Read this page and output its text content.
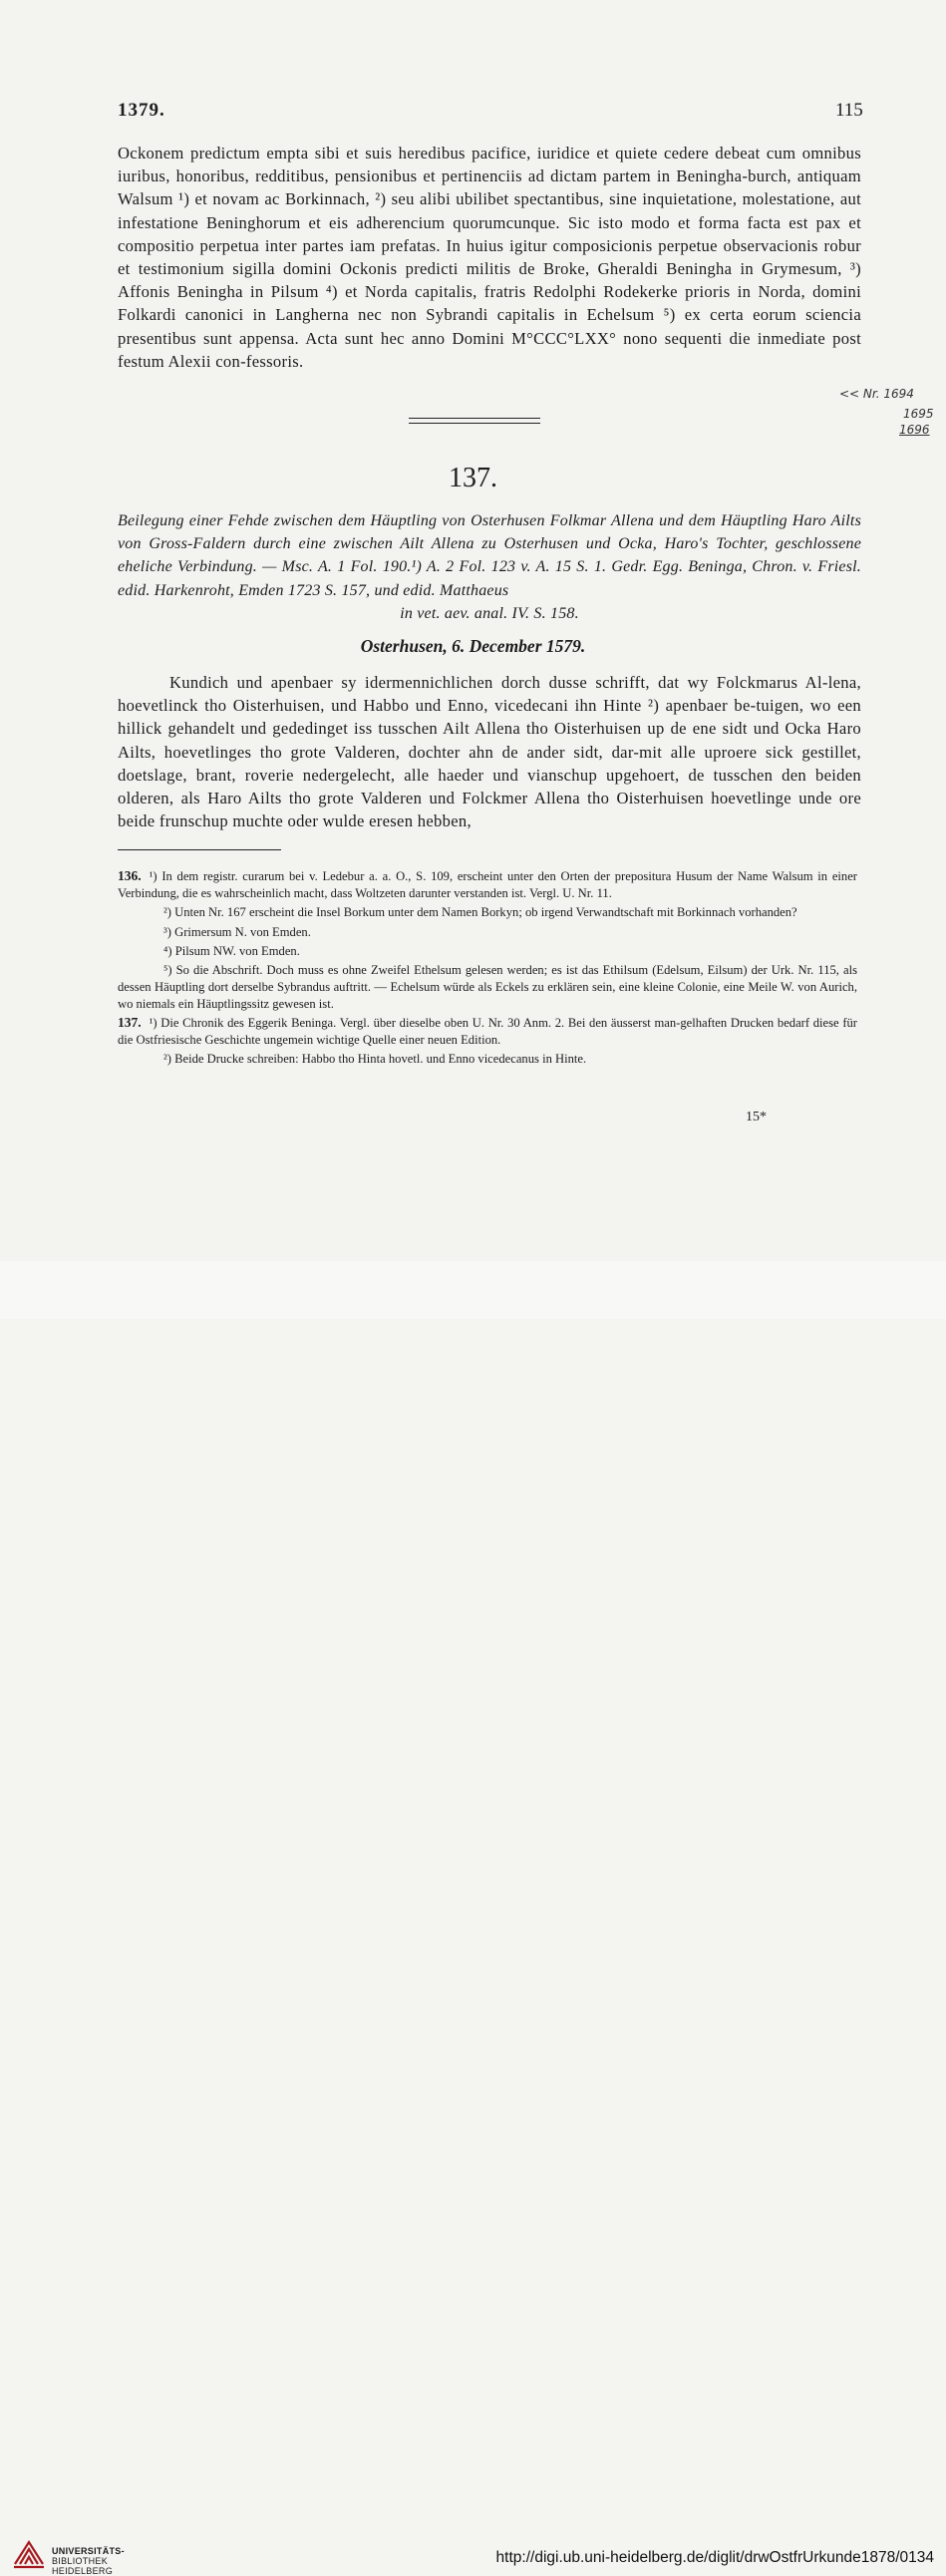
1379.	115

Ockonem predictum empta sibi et suis heredibus pacifice, iuridice et quiete cedere debeat cum omnibus iuribus, honoribus, redditibus, pensionibus et pertinenciis ad dictam partem in Beningha-burch, antiquam Walsum ¹) et novam ac Borkinnach, ²) seu alibi ubilibet spectantibus, sine inquietatione, molestatione, aut infestatione Beninghorum et eis adherencium quorumcunque. Sic isto modo et forma facta est pax et compositio perpetua inter partes iam prefatas. In huius igitur composicionis perpetue observacionis robur et testimonium sigilla domini Ockonis predicti militis de Broke, Gheraldi Beningha in Grymesum, ³) Affonis Beningha in Pilsum ⁴) et Norda capitalis, fratris Redolphi Rodekerke prioris in Norda, domini Folkardi canonici in Langherna nec non Sybrandi capitalis in Echelsum ⁵) ex certa eorum sciencia presentibus sunt appensa. Acta sunt hec anno Domini M°CCC°LXX° nono sequenti die inmediate post festum Alexii con-fessoris.

<< Nr. 1694
1695
1696
137.
Beilegung einer Fehde zwischen dem Häuptling von Osterhusen Folkmar Allena und dem Häuptling Haro Ailts von Gross-Faldern durch eine zwischen Ailt Allena zu Osterhusen und Ocka, Haro's Tochter, geschlossene eheliche Verbindung. — Msc. A. 1 Fol. 190.¹) A. 2 Fol. 123 v. A. 15 S. 1. Gedr. Egg. Beninga, Chron. v. Friesl. edid. Harkenroht, Emden 1723 S. 157, und edid. Matthaeus
in vet. aev. anal. IV. S. 158.
Osterhusen, 6. December 1579.

Kundich und apenbaer sy idermennichlichen dorch dusse schrifft, dat wy Folckmarus Al-lena, hoevetlinck tho Oisterhuisen, und Habbo und Enno, vicedecani ihn Hinte ²) apenbaer be-tuigen, wo een hillick gehandelt und gededinget iss tusschen Ailt Allena tho Oisterhuisen up de ene sidt und Ocka Haro Ailts, hoevetlinges tho grote Valderen, dochter ahn de ander sidt, dar-mit alle uproere sick gestillet, doetslage, brant, roverie nedergelecht, alle haeder und vianschup upgehoert, de tusschen den beiden olderen, als Haro Ailts tho grote Valderen und Folckmer Allena tho Oisterhuisen hoevetlinge unde ore beide frunschup muchte oder wulde eresen hebben,

136. ¹) In dem registr. curarum bei v. Ledebur a. a. O., S. 109, erscheint unter den Orten der prepositura Husum der Name Walsum in einer Verbindung, die es wahrscheinlich macht, dass Woltzeten darunter verstanden ist. Vergl. U. Nr. 11.

²) Unten Nr. 167 erscheint die Insel Borkum unter dem Namen Borkyn; ob irgend Verwandtschaft mit Borkinnach vorhanden?

³) Grimersum N. von Emden.

⁴) Pilsum NW. von Emden.

⁵) So die Abschrift. Doch muss es ohne Zweifel Ethelsum gelesen werden; es ist das Ethilsum (Edelsum, Eilsum) der Urk. Nr. 115, als dessen Häuptling dort derselbe Sybrandus auftritt. — Echelsum würde als Eckels zu erklären sein, eine kleine Colonie, eine Meile W. von Aurich, wo niemals ein Häuptlingssitz gewesen ist.

137. ¹) Die Chronik des Eggerik Beninga. Vergl. über dieselbe oben U. Nr. 30 Anm. 2. Bei den äusserst man-gelhaften Drucken bedarf diese für die Ostfriesische Geschichte ungemein wichtige Quelle einer neuen Edition.

²) Beide Drucke schreiben: Habbo tho Hinta hovetl. und Enno vicedecanus in Hinte.

15*
UNIVERSITÄTS-
BIBLIOTHEK
HEIDELBERG
http://digi.ub.uni-heidelberg.de/diglit/drwOstfrUrkunde1878/0134
